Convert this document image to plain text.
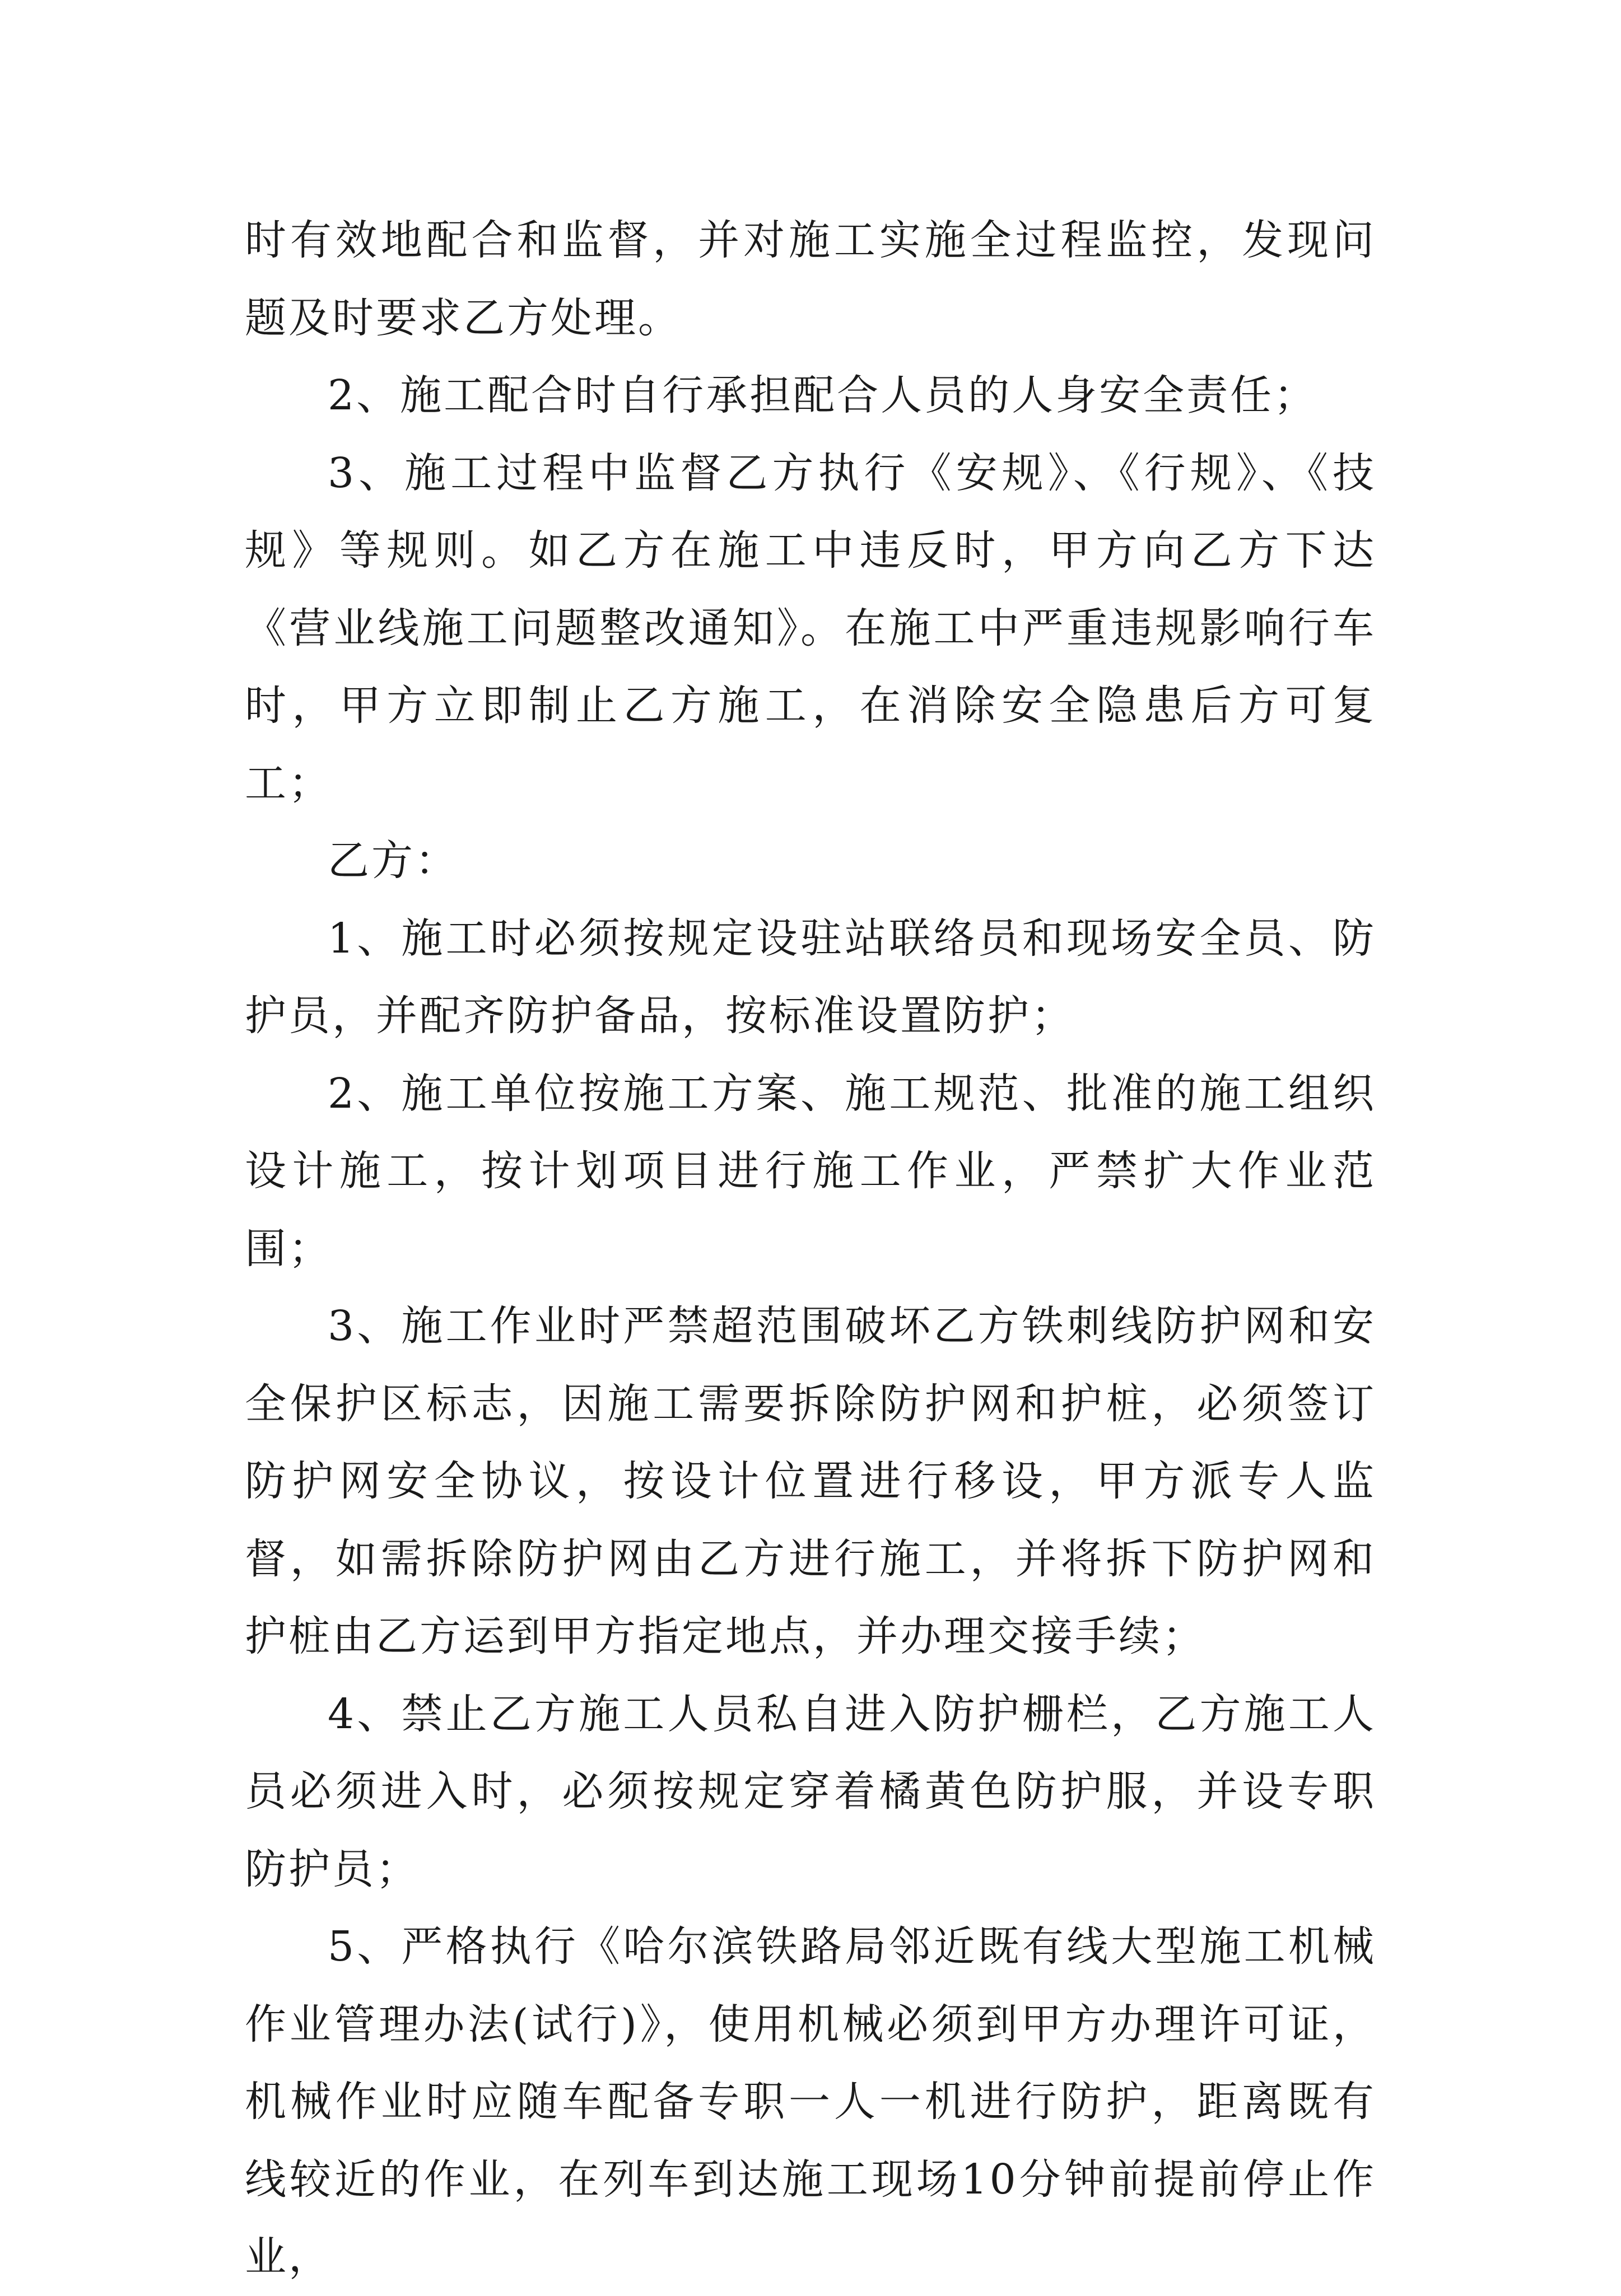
时有效地配合和监督，并对施工实施全过程监控，发现问题及时要求乙方处理。

2、施工配合时自行承担配合人员的人身安全责任；

3、施工过程中监督乙方执行《安规》、《行规》、《技规》等规则。如乙方在施工中违反时，甲方向乙方下达《营业线施工问题整改通知》。在施工中严重违规影响行车时，甲方立即制止乙方施工，在消除安全隐患后方可复工；

乙方：

1、施工时必须按规定设驻站联络员和现场安全员、防护员，并配齐防护备品，按标准设置防护；

2、施工单位按施工方案、施工规范、批准的施工组织设计施工，按计划项目进行施工作业，严禁扩大作业范围；

3、施工作业时严禁超范围破坏乙方铁刺线防护网和安全保护区标志，因施工需要拆除防护网和护桩，必须签订防护网安全协议，按设计位置进行移设，甲方派专人监督，如需拆除防护网由乙方进行施工，并将拆下防护网和护桩由乙方运到甲方指定地点，并办理交接手续；

4、禁止乙方施工人员私自进入防护栅栏，乙方施工人员必须进入时，必须按规定穿着橘黄色防护服，并设专职防护员；

5、严格执行《哈尔滨铁路局邻近既有线大型施工机械作业管理办法(试行)》，使用机械必须到甲方办理许可证，机械作业时应随车配备专职一人一机进行防护，距离既有线较近的作业，在列车到达施工现场10分钟前提前停止作业，
